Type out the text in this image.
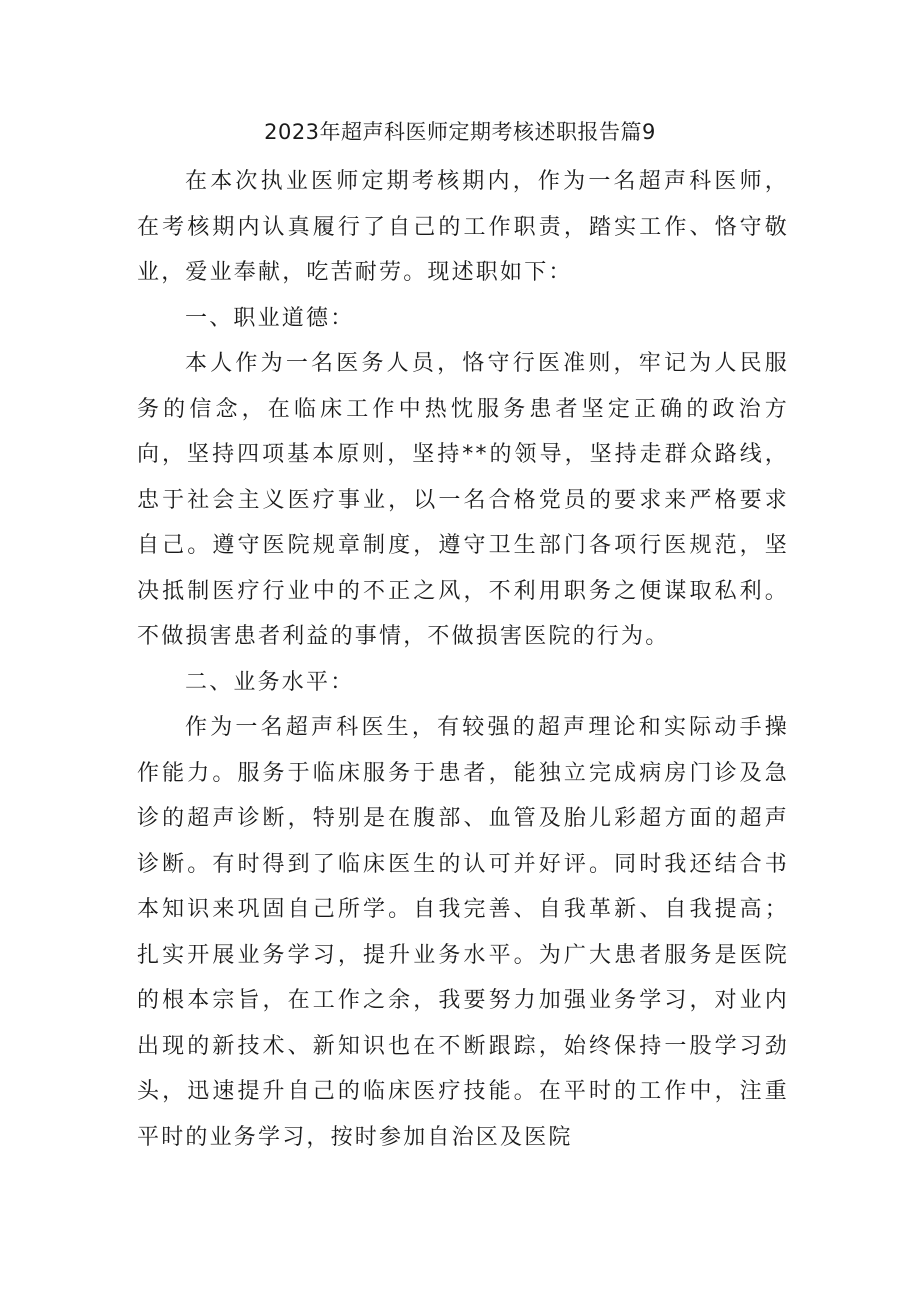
2023年超声科医师定期考核述职报告篇9

在本次执业医师定期考核期内，作为一名超声科医师，在考核期内认真履行了自己的工作职责，踏实工作、恪守敬业，爱业奉献，吃苦耐劳。现述职如下：

一、职业道德：

本人作为一名医务人员，恪守行医准则，牢记为人民服务的信念，在临床工作中热忱服务患者坚定正确的政治方向，坚持四项基本原则，坚持**的领导，坚持走群众路线，忠于社会主义医疗事业，以一名合格党员的要求来严格要求自己。遵守医院规章制度，遵守卫生部门各项行医规范，坚决抵制医疗行业中的不正之风，不利用职务之便谋取私利。不做损害患者利益的事情，不做损害医院的行为。

二、业务水平：

作为一名超声科医生，有较强的超声理论和实际动手操作能力。服务于临床服务于患者，能独立完成病房门诊及急诊的超声诊断，特别是在腹部、血管及胎儿彩超方面的超声诊断。有时得到了临床医生的认可并好评。同时我还结合书本知识来巩固自己所学。自我完善、自我革新、自我提高；扎实开展业务学习，提升业务水平。为广大患者服务是医院的根本宗旨，在工作之余，我要努力加强业务学习，对业内出现的新技术、新知识也在不断跟踪，始终保持一股学习劲头，迅速提升自己的临床医疗技能。在平时的工作中，注重平时的业务学习，按时参加自治区及医院
